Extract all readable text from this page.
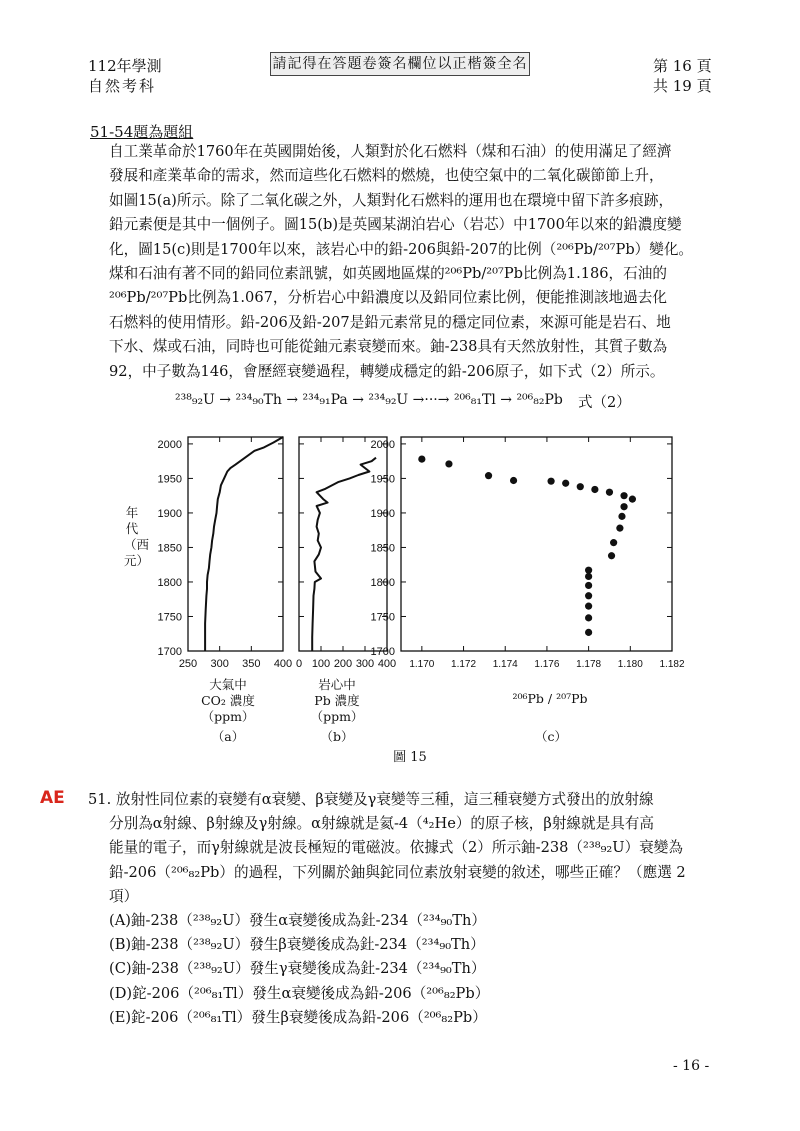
112年學測
自然考科
請記得在答題卷簽名欄位以正楷簽全名	第 16 頁
共 19 頁
51-54題為題組

自工業革命於1760年在英國開始後，人類對於化石燃料（煤和石油）的使用滿足了經濟

發展和產業革命的需求，然而這些化石燃料的燃燒，也使空氣中的二氧化碳節節上升，

如圖15(a)所示。除了二氧化碳之外，人類對化石燃料的運用也在環境中留下許多痕跡，

鉛元素便是其中一個例子。圖15(b)是英國某湖泊岩心（岩芯）中1700年以來的鉛濃度變

化，圖15(c)則是1700年以來，該岩心中的鉛-206與鉛-207的比例（²⁰⁶Pb/²⁰⁷Pb）變化。

煤和石油有著不同的鉛同位素訊號，如英國地區煤的²⁰⁶Pb/²⁰⁷Pb比例為1.186，石油的

²⁰⁶Pb/²⁰⁷Pb比例為1.067，分析岩心中鉛濃度以及鉛同位素比例，便能推測該地過去化

石燃料的使用情形。鉛-206及鉛-207是鉛元素常見的穩定同位素，來源可能是岩石、地

下水、煤或石油，同時也可能從鈾元素衰變而來。鈾-238具有天然放射性，其質子數為

92，中子數為146，會歷經衰變過程，轉變成穩定的鉛-206原子，如下式（2）所示。

²³⁸₉₂U → ²³⁴₉₀Th → ²³⁴₉₁Pa → ²³⁴₉₂U →···→ ²⁰⁶₈₁Tl → ²⁰⁶₈₂Pb 式（2）
1700
1750
1800
1850
1900
1950
2000
250 300 350 400 0 100 200 300 400
1700
1750
1800
1850
1900
1950
2000
1.170 1.172 1.174 1.176 1.178 1.180 1.182
年代（西元）
大氣中
CO₂ 濃度
（ppm）
（a）
岩心中
Pb 濃度
（ppm）
（b）
²⁰⁶Pb / ²⁰⁷Pb
（c）
圖 15
AE 51. 放射性同位素的衰變有α衰變、β衰變及γ衰變等三種，這三種衰變方式發出的放射線

分別為α射線、β射線及γ射線。α射線就是氦-4（⁴₂He）的原子核，β射線就是具有高

能量的電子，而γ射線就是波長極短的電磁波。依據式（2）所示鈾-238（²³⁸₉₂U）衰變為

鉛-206（²⁰⁶₈₂Pb）的過程，下列關於鈾與鉈同位素放射衰變的敘述，哪些正確？（應選 2

項）

(A)鈾-238（²³⁸₉₂U）發生α衰變後成為釷-234（²³⁴₉₀Th）

(B)鈾-238（²³⁸₉₂U）發生β衰變後成為釷-234（²³⁴₉₀Th）

(C)鈾-238（²³⁸₉₂U）發生γ衰變後成為釷-234（²³⁴₉₀Th）

(D)鉈-206（²⁰⁶₈₁Tl）發生α衰變後成為鉛-206（²⁰⁶₈₂Pb）

(E)鉈-206（²⁰⁶₈₁Tl）發生β衰變後成為鉛-206（²⁰⁶₈₂Pb）

- 16 -
